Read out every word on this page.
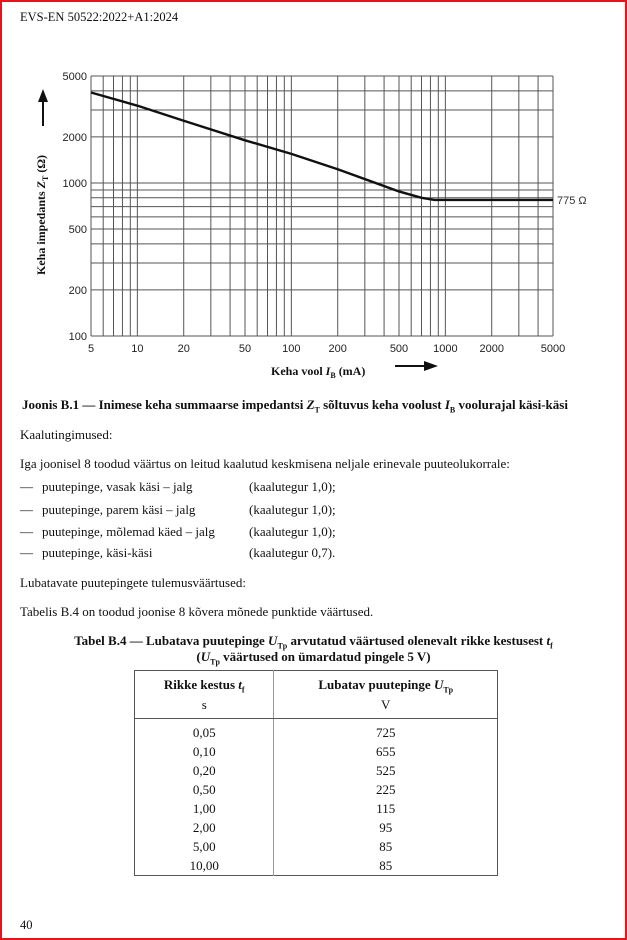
EVS-EN 50522:2022+A1:2024
5	10	20	50	100	200	500 1000 2000	5000
5000
2000
1000
500
200
100
775 Ω
Keha impedants $Z_T$ (Ω)
Keha vool $I_B$ (mA)
Joonis B.1 — Inimese keha summaarse impedantsi $Z_T$ sõltuvus keha voolust $I_B$ voolurajal käsi-käsi
Kaalutingimused:
Iga joonisel 8 toodud väärtus on leitud kaalutud keskmisena neljale erinevale puuteolukorrale:
— puutepinge, vasak käsi – jalg	(kaalutegur 1,0);
— puutepinge, parem käsi – jalg	(kaalutegur 1,0);
— puutepinge, mõlemad käed – jalg	(kaalutegur 1,0);
— puutepinge, käsi-käsi	(kaalutegur 0,7).
Lubatavate puutepingete tulemusväärtused:
Tabelis B.4 on toodud joonise 8 kõvera mõnede punktide väärtused.
Tabel B.4 — Lubatava puutepinge $U_{Tp}$ arvutatud väärtused olenevalt rikke kestusest $t_f$
($U_{Tp}$ väärtused on ümardatud pingele 5 V)
Rikke kestus $t_f$	Lubatav puutepinge $U_{Tp}$
s	V
0,05	725
0,10	655
0,20	525
0,50	225
1,00	115
2,00	95
5,00	85
10,00	85
40
